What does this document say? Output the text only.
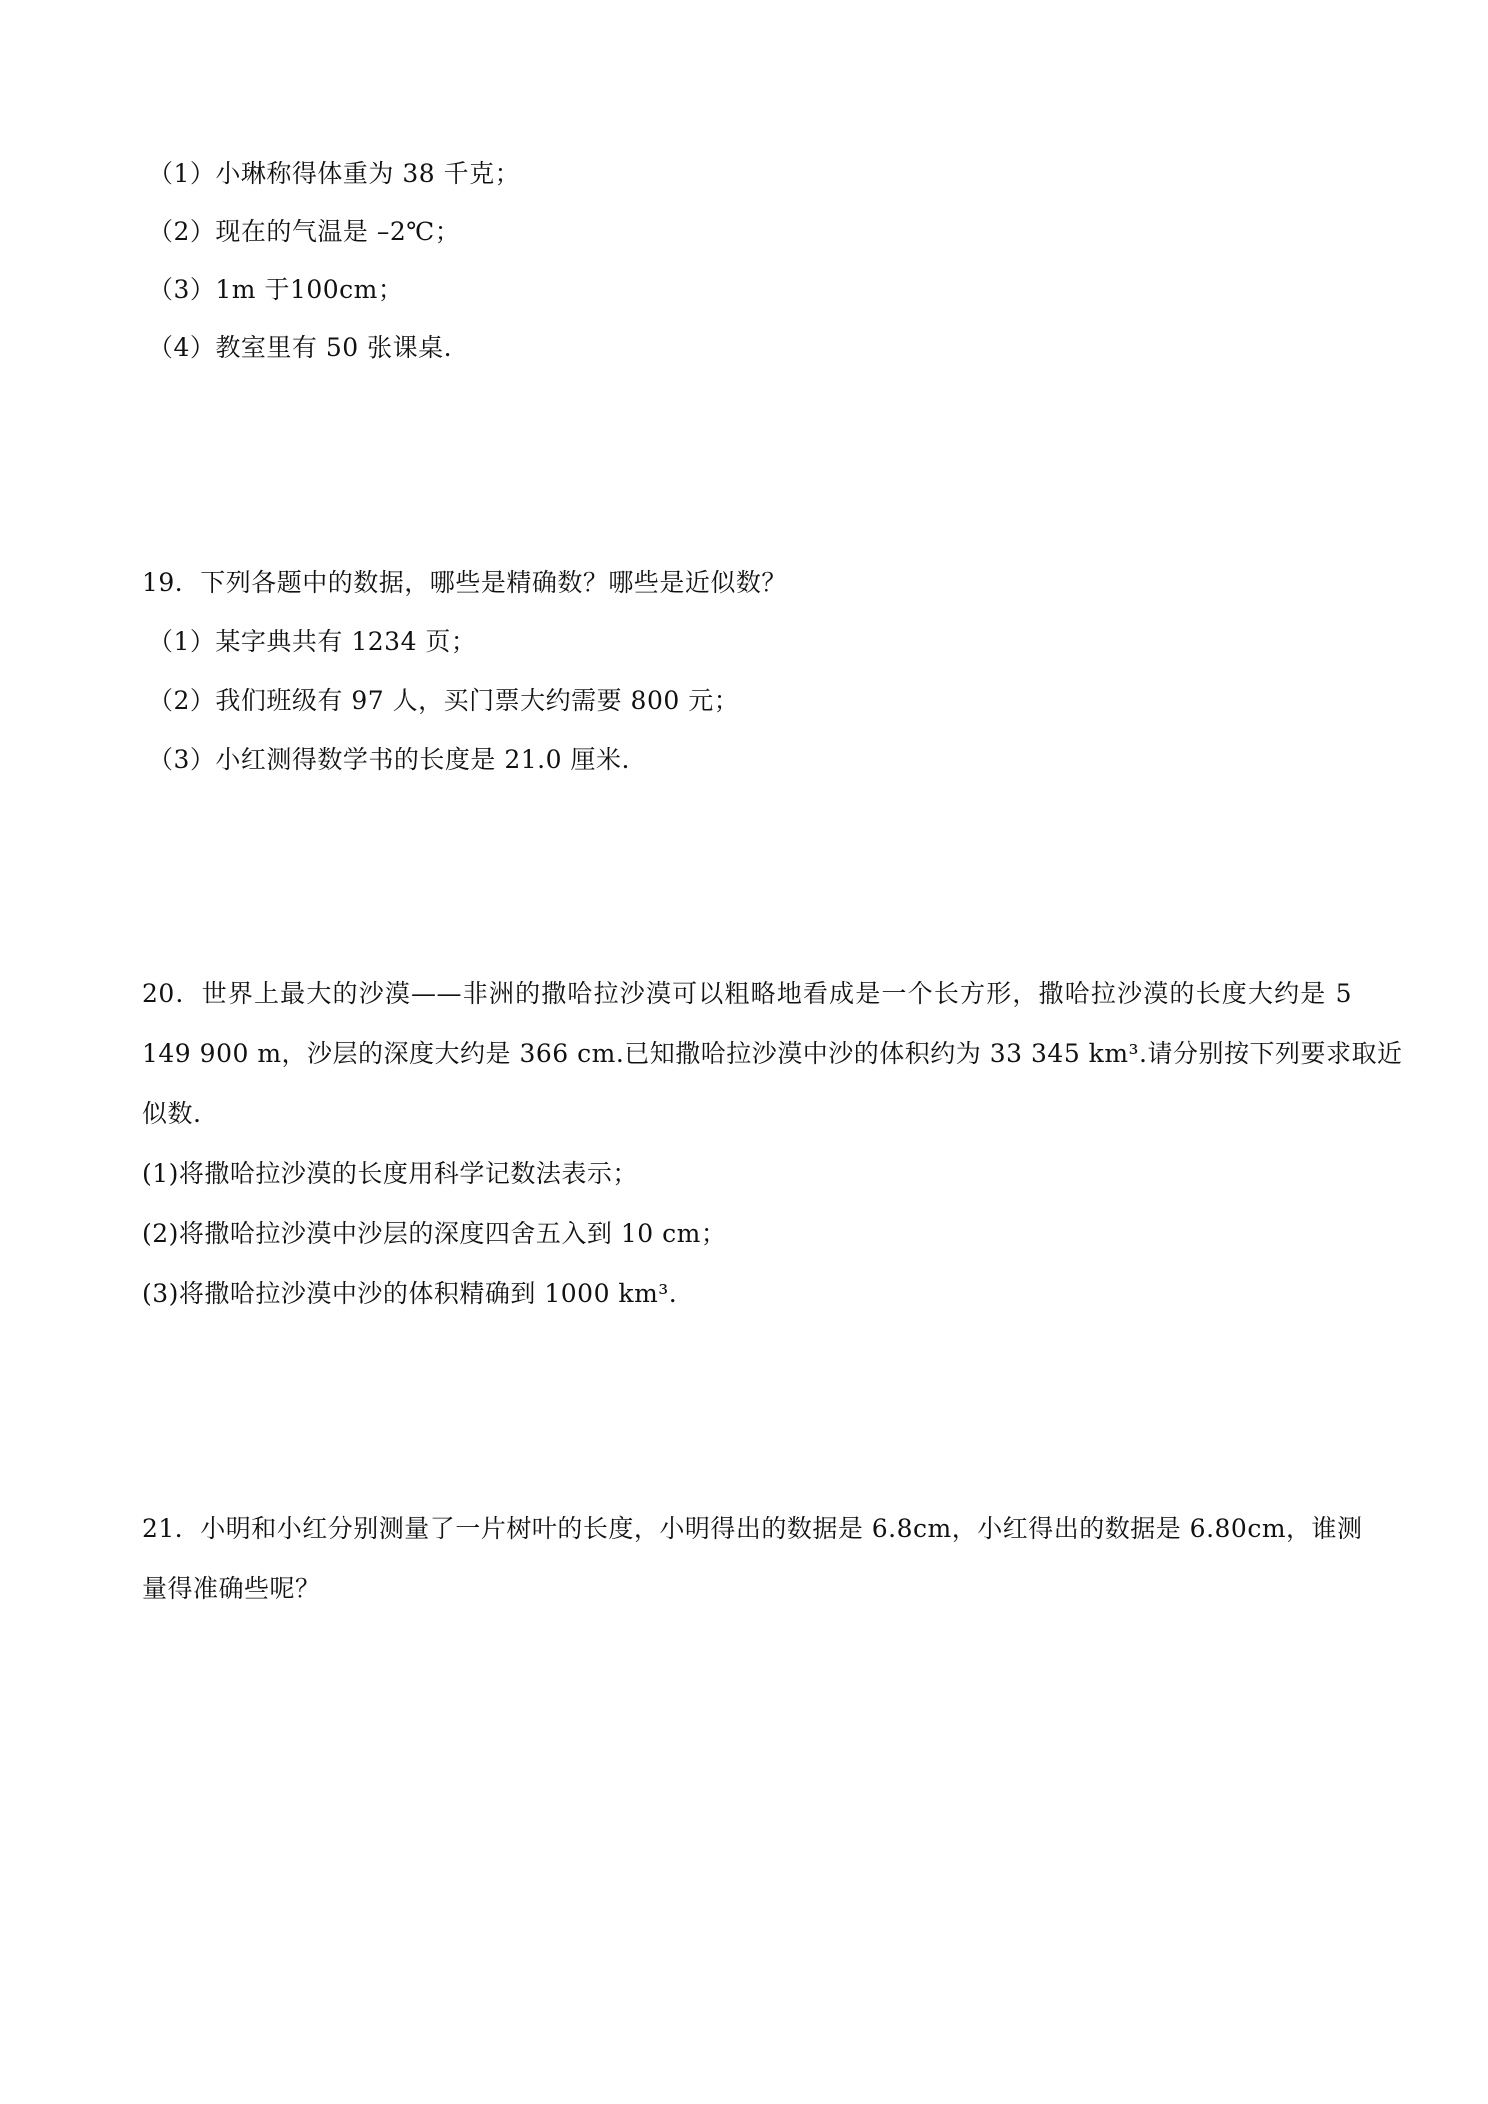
（1）小琳称得体重为 38 千克；
（2）现在的气温是 –2℃；
（3）1m 于100cm；
（4）教室里有 50 张课桌.
19．下列各题中的数据，哪些是精确数？哪些是近似数？
（1）某字典共有 1234 页；
（2）我们班级有 97 人，买门票大约需要 800 元；
（3）小红测得数学书的长度是 21.0 厘米.
20．世界上最大的沙漠——非洲的撒哈拉沙漠可以粗略地看成是一个长方形，撒哈拉沙漠的长度大约是 5
149 900 m，沙层的深度大约是 366 cm.已知撒哈拉沙漠中沙的体积约为 33 345 km³.请分别按下列要求取近
似数.
(1)将撒哈拉沙漠的长度用科学记数法表示；
(2)将撒哈拉沙漠中沙层的深度四舍五入到 10 cm；
(3)将撒哈拉沙漠中沙的体积精确到 1000 km³.
21．小明和小红分别测量了一片树叶的长度，小明得出的数据是 6.8cm，小红得出的数据是 6.80cm，谁测
量得准确些呢？
